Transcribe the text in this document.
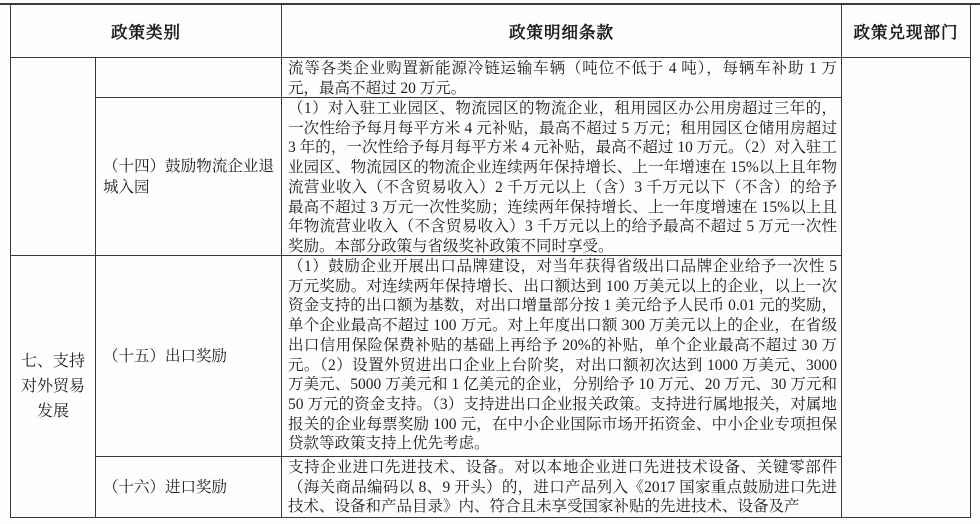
政策类别	政策明细条款	政策兑现部门
流等各类企业购置新能源冷链运输车辆（吨位不低于 4 吨），每辆车补助 1 万元，最高不超过 20 万元。
（十四）鼓励物流企业退城入园
（1）对入驻工业园区、物流园区的物流企业，租用园区办公用房超过三年的，一次性给予每月每平方米 4 元补贴，最高不超过 5 万元；租用园区仓储用房超过 3 年的，一次性给予每月每平方米 4 元补贴，最高不超过 10 万元。（2）对入驻工业园区、物流园区的物流企业连续两年保持增长、上一年增速在 15%以上且年物流营业收入（不含贸易收入）2 千万元以上（含）3 千万元以下（不含）的给予最高不超过 3 万元一次性奖励；连续两年保持增长、上一年度增速在 15%以上且年物流营业收入（不含贸易收入）3 千万元以上的给予最高不超过 5 万元一次性奖励。本部分政策与省级奖补政策不同时享受。
七、支持对外贸易发展
（十五）出口奖励
（1）鼓励企业开展出口品牌建设，对当年获得省级出口品牌企业给予一次性 5 万元奖励。对连续两年保持增长、出口额达到 100 万美元以上的企业，以上一次资金支持的出口额为基数，对出口增量部分按 1 美元给予人民币 0.01 元的奖励，单个企业最高不超过 100 万元。对上年度出口额 300 万美元以上的企业，在省级出口信用保险保费补贴的基础上再给予 20%的补贴，单个企业最高不超过 30 万元。（2）设置外贸进出口企业上台阶奖，对出口额初次达到 1000 万美元、3000 万美元、5000 万美元和 1 亿美元的企业，分别给予 10 万元、20 万元、30 万元和 50 万元的资金支持。（3）支持进出口企业报关政策。支持进行属地报关，对属地报关的企业每票奖励 100 元，在中小企业国际市场开拓资金、中小企业专项担保贷款等政策支持上优先考虑。
（十六）进口奖励
支持企业进口先进技术、设备。对以本地企业进口先进技术设备、关键零部件（海关商品编码以 8、9 开头）的，进口产品列入《2017 国家重点鼓励进口先进技术、设备和产品目录》内、符合且未享受国家补贴的先进技术、设备及产
